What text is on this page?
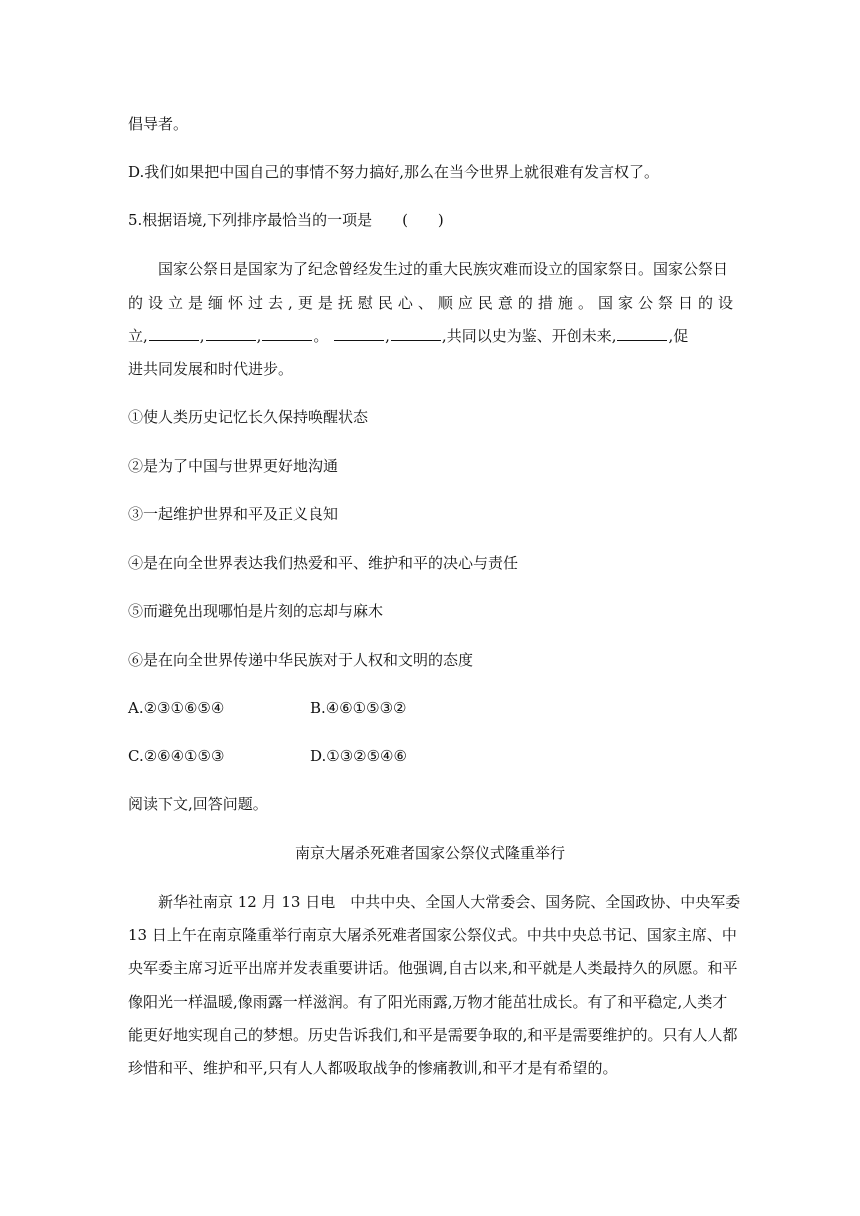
倡导者。
D.我们如果把中国自己的事情不努力搞好,那么在当今世界上就很难有发言权了。
5.根据语境,下列排序最恰当的一项是　　(　　)
国家公祭日是国家为了纪念曾经发生过的重大民族灾难而设立的国家祭日。国家公祭日
的设立是缅怀过去,更是抚慰民心、顺应民意的措施。国家公祭日的设
立,	,	,	。	,	,共同以史为鉴、开创未来,	,促
进共同发展和时代进步。
①使人类历史记忆长久保持唤醒状态
②是为了中国与世界更好地沟通
③一起维护世界和平及正义良知
④是在向全世界表达我们热爱和平、维护和平的决心与责任
⑤而避免出现哪怕是片刻的忘却与麻木
⑥是在向全世界传递中华民族对于人权和文明的态度
A.②③①⑥⑤④	B.④⑥①⑤③②
C.②⑥④①⑤③	D.①③②⑤④⑥
阅读下文,回答问题。
南京大屠杀死难者国家公祭仪式隆重举行
新华社南京 12 月 13 日电　中共中央、全国人大常委会、国务院、全国政协、中央军委
13 日上午在南京隆重举行南京大屠杀死难者国家公祭仪式。中共中央总书记、国家主席、中
央军委主席习近平出席并发表重要讲话。他强调,自古以来,和平就是人类最持久的夙愿。和平
像阳光一样温暖,像雨露一样滋润。有了阳光雨露,万物才能茁壮成长。有了和平稳定,人类才
能更好地实现自己的梦想。历史告诉我们,和平是需要争取的,和平是需要维护的。只有人人都
珍惜和平、维护和平,只有人人都吸取战争的惨痛教训,和平才是有希望的。
